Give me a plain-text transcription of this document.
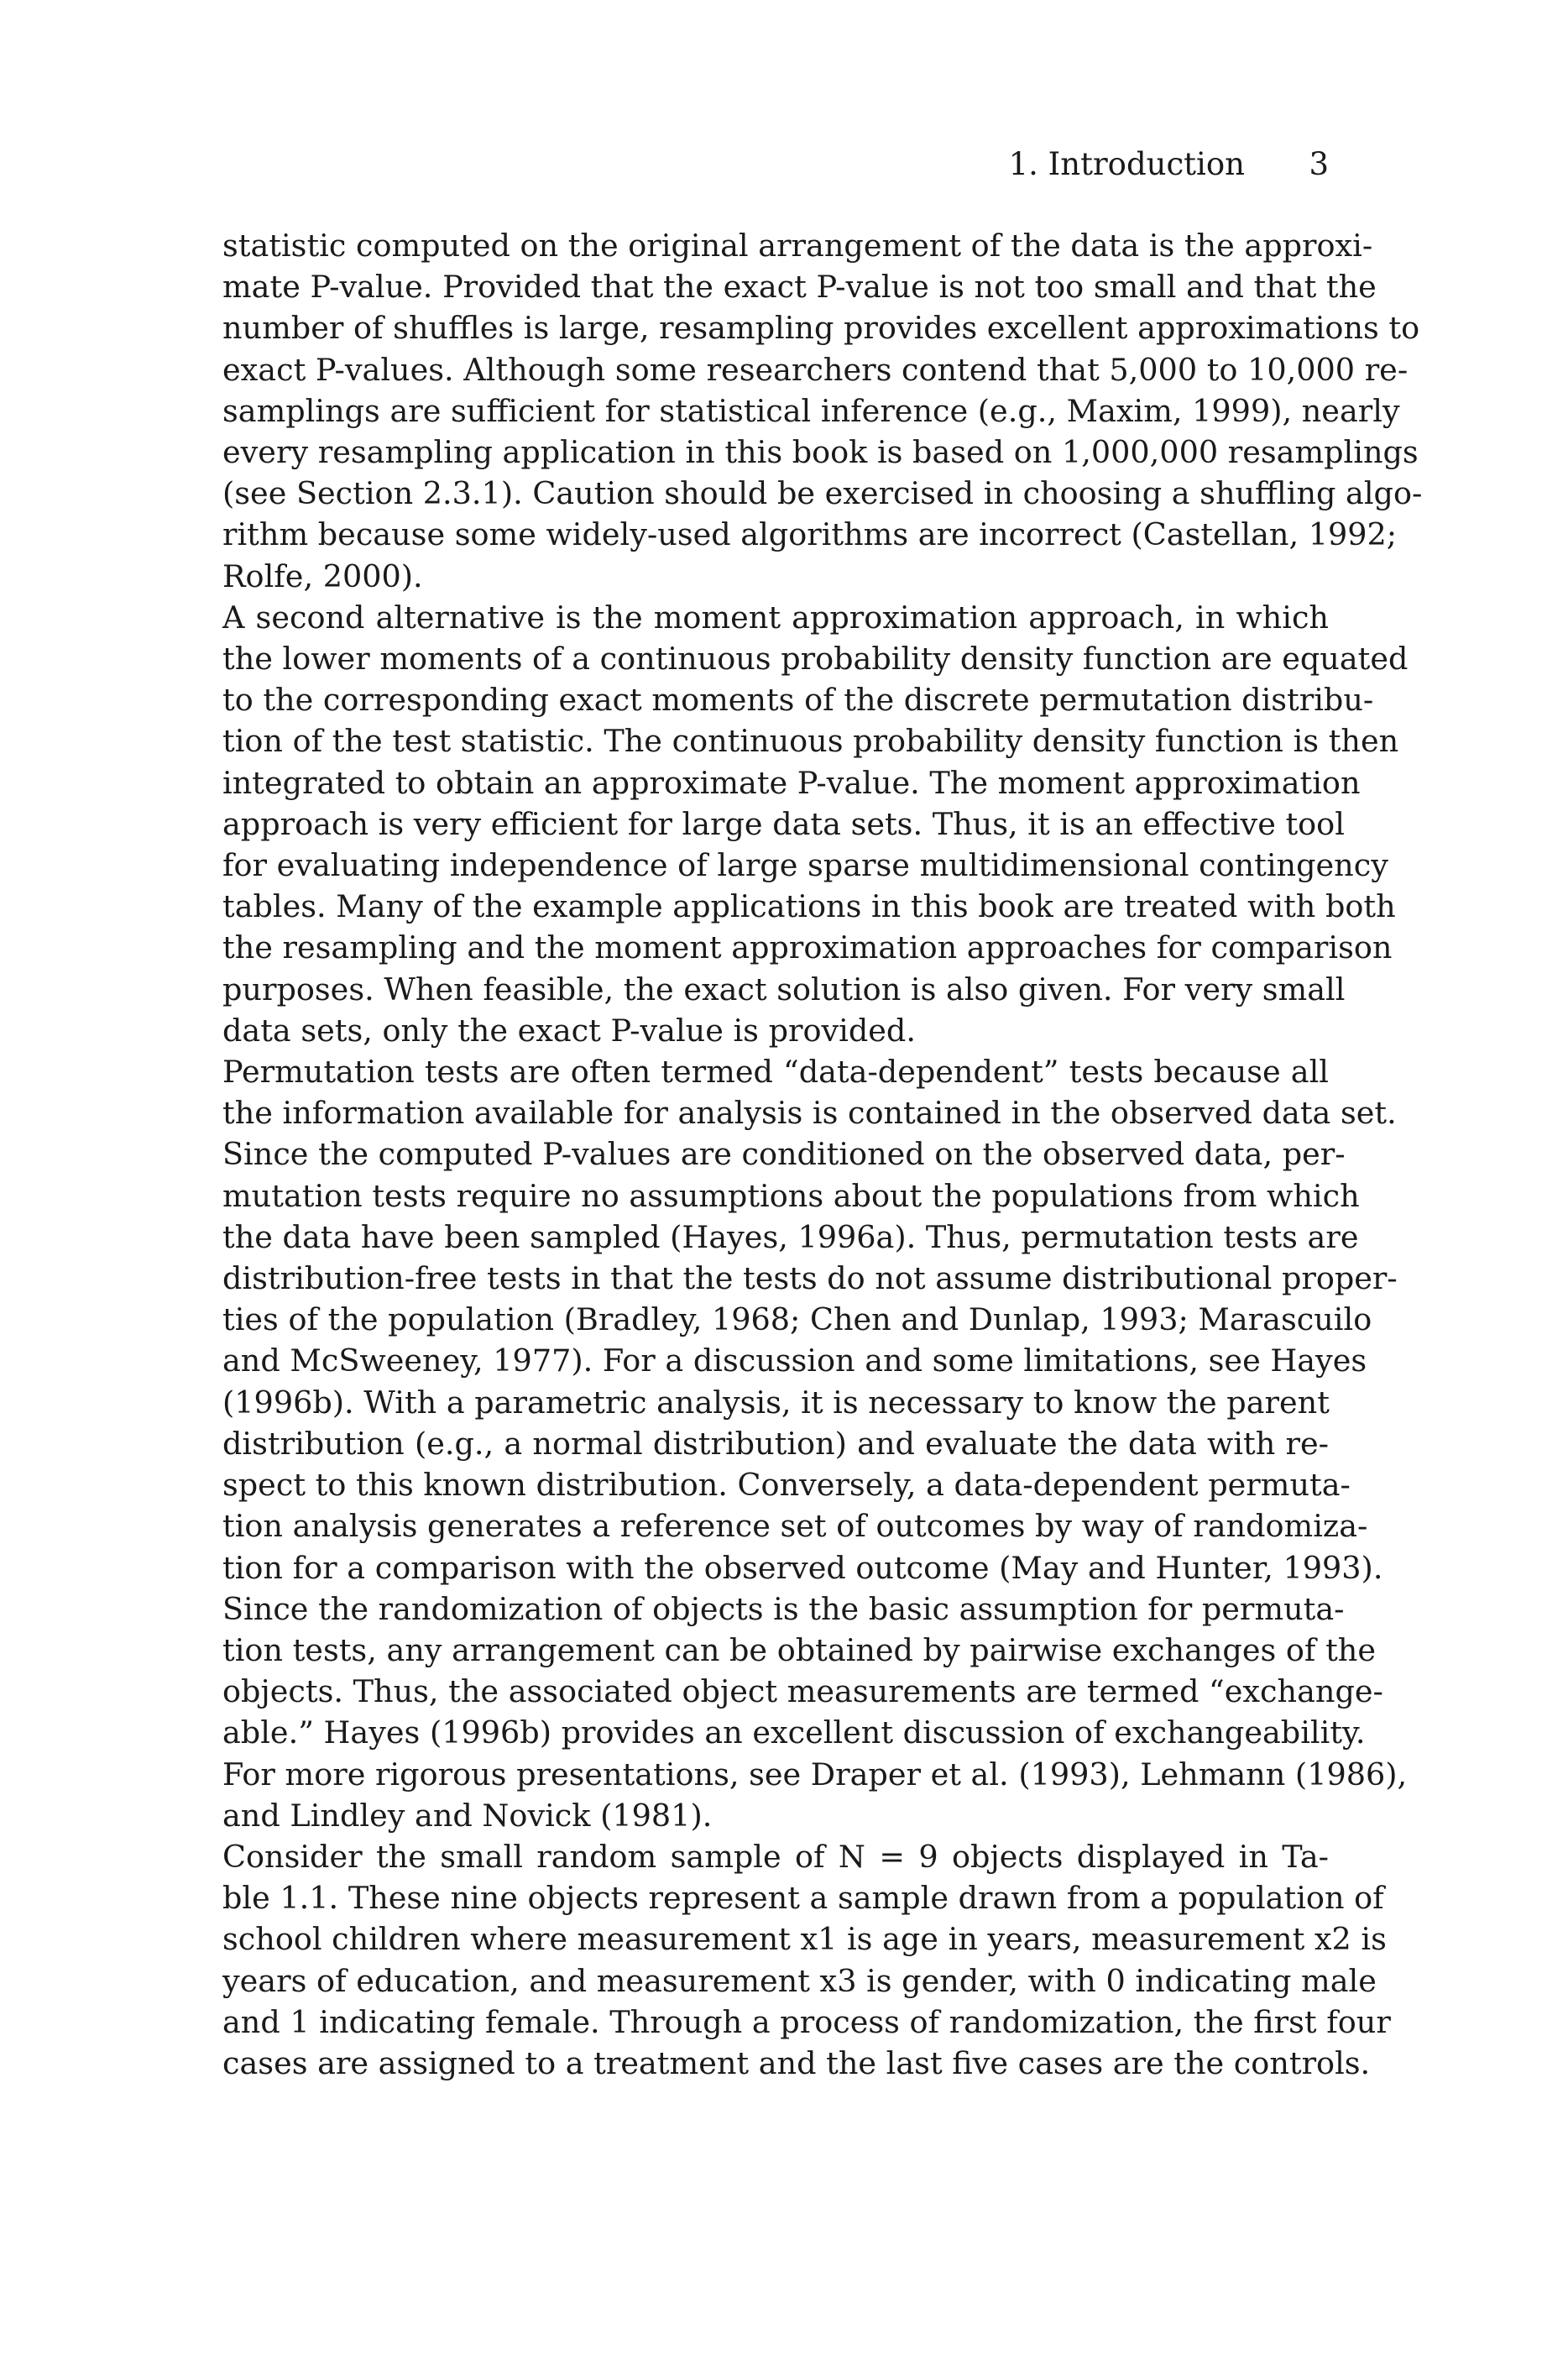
1. Introduction 3
statistic computed on the original arrangement of the data is the approxi-
mate P-value. Provided that the exact P-value is not too small and that the
number of shuffles is large, resampling provides excellent approximations to
exact P-values. Although some researchers contend that 5,000 to 10,000 re-
samplings are sufficient for statistical inference (e.g., Maxim, 1999), nearly
every resampling application in this book is based on 1,000,000 resamplings
(see Section 2.3.1). Caution should be exercised in choosing a shuffling algo-
rithm because some widely-used algorithms are incorrect (Castellan, 1992;
Rolfe, 2000).
A second alternative is the moment approximation approach, in which
the lower moments of a continuous probability density function are equated
to the corresponding exact moments of the discrete permutation distribu-
tion of the test statistic. The continuous probability density function is then
integrated to obtain an approximate P-value. The moment approximation
approach is very efficient for large data sets. Thus, it is an effective tool
for evaluating independence of large sparse multidimensional contingency
tables. Many of the example applications in this book are treated with both
the resampling and the moment approximation approaches for comparison
purposes. When feasible, the exact solution is also given. For very small
data sets, only the exact P-value is provided.
Permutation tests are often termed “data-dependent” tests because all
the information available for analysis is contained in the observed data set.
Since the computed P-values are conditioned on the observed data, per-
mutation tests require no assumptions about the populations from which
the data have been sampled (Hayes, 1996a). Thus, permutation tests are
distribution-free tests in that the tests do not assume distributional proper-
ties of the population (Bradley, 1968; Chen and Dunlap, 1993; Marascuilo
and McSweeney, 1977). For a discussion and some limitations, see Hayes
(1996b). With a parametric analysis, it is necessary to know the parent
distribution (e.g., a normal distribution) and evaluate the data with re-
spect to this known distribution. Conversely, a data-dependent permuta-
tion analysis generates a reference set of outcomes by way of randomiza-
tion for a comparison with the observed outcome (May and Hunter, 1993).
Since the randomization of objects is the basic assumption for permuta-
tion tests, any arrangement can be obtained by pairwise exchanges of the
objects. Thus, the associated object measurements are termed “exchange-
able.” Hayes (1996b) provides an excellent discussion of exchangeability.
For more rigorous presentations, see Draper et al. (1993), Lehmann (1986),
and Lindley and Novick (1981).
Consider the small random sample of N = 9 objects displayed in Ta-
ble 1.1. These nine objects represent a sample drawn from a population of
school children where measurement x1 is age in years, measurement x2 is
years of education, and measurement x3 is gender, with 0 indicating male
and 1 indicating female. Through a process of randomization, the first four
cases are assigned to a treatment and the last five cases are the controls.
